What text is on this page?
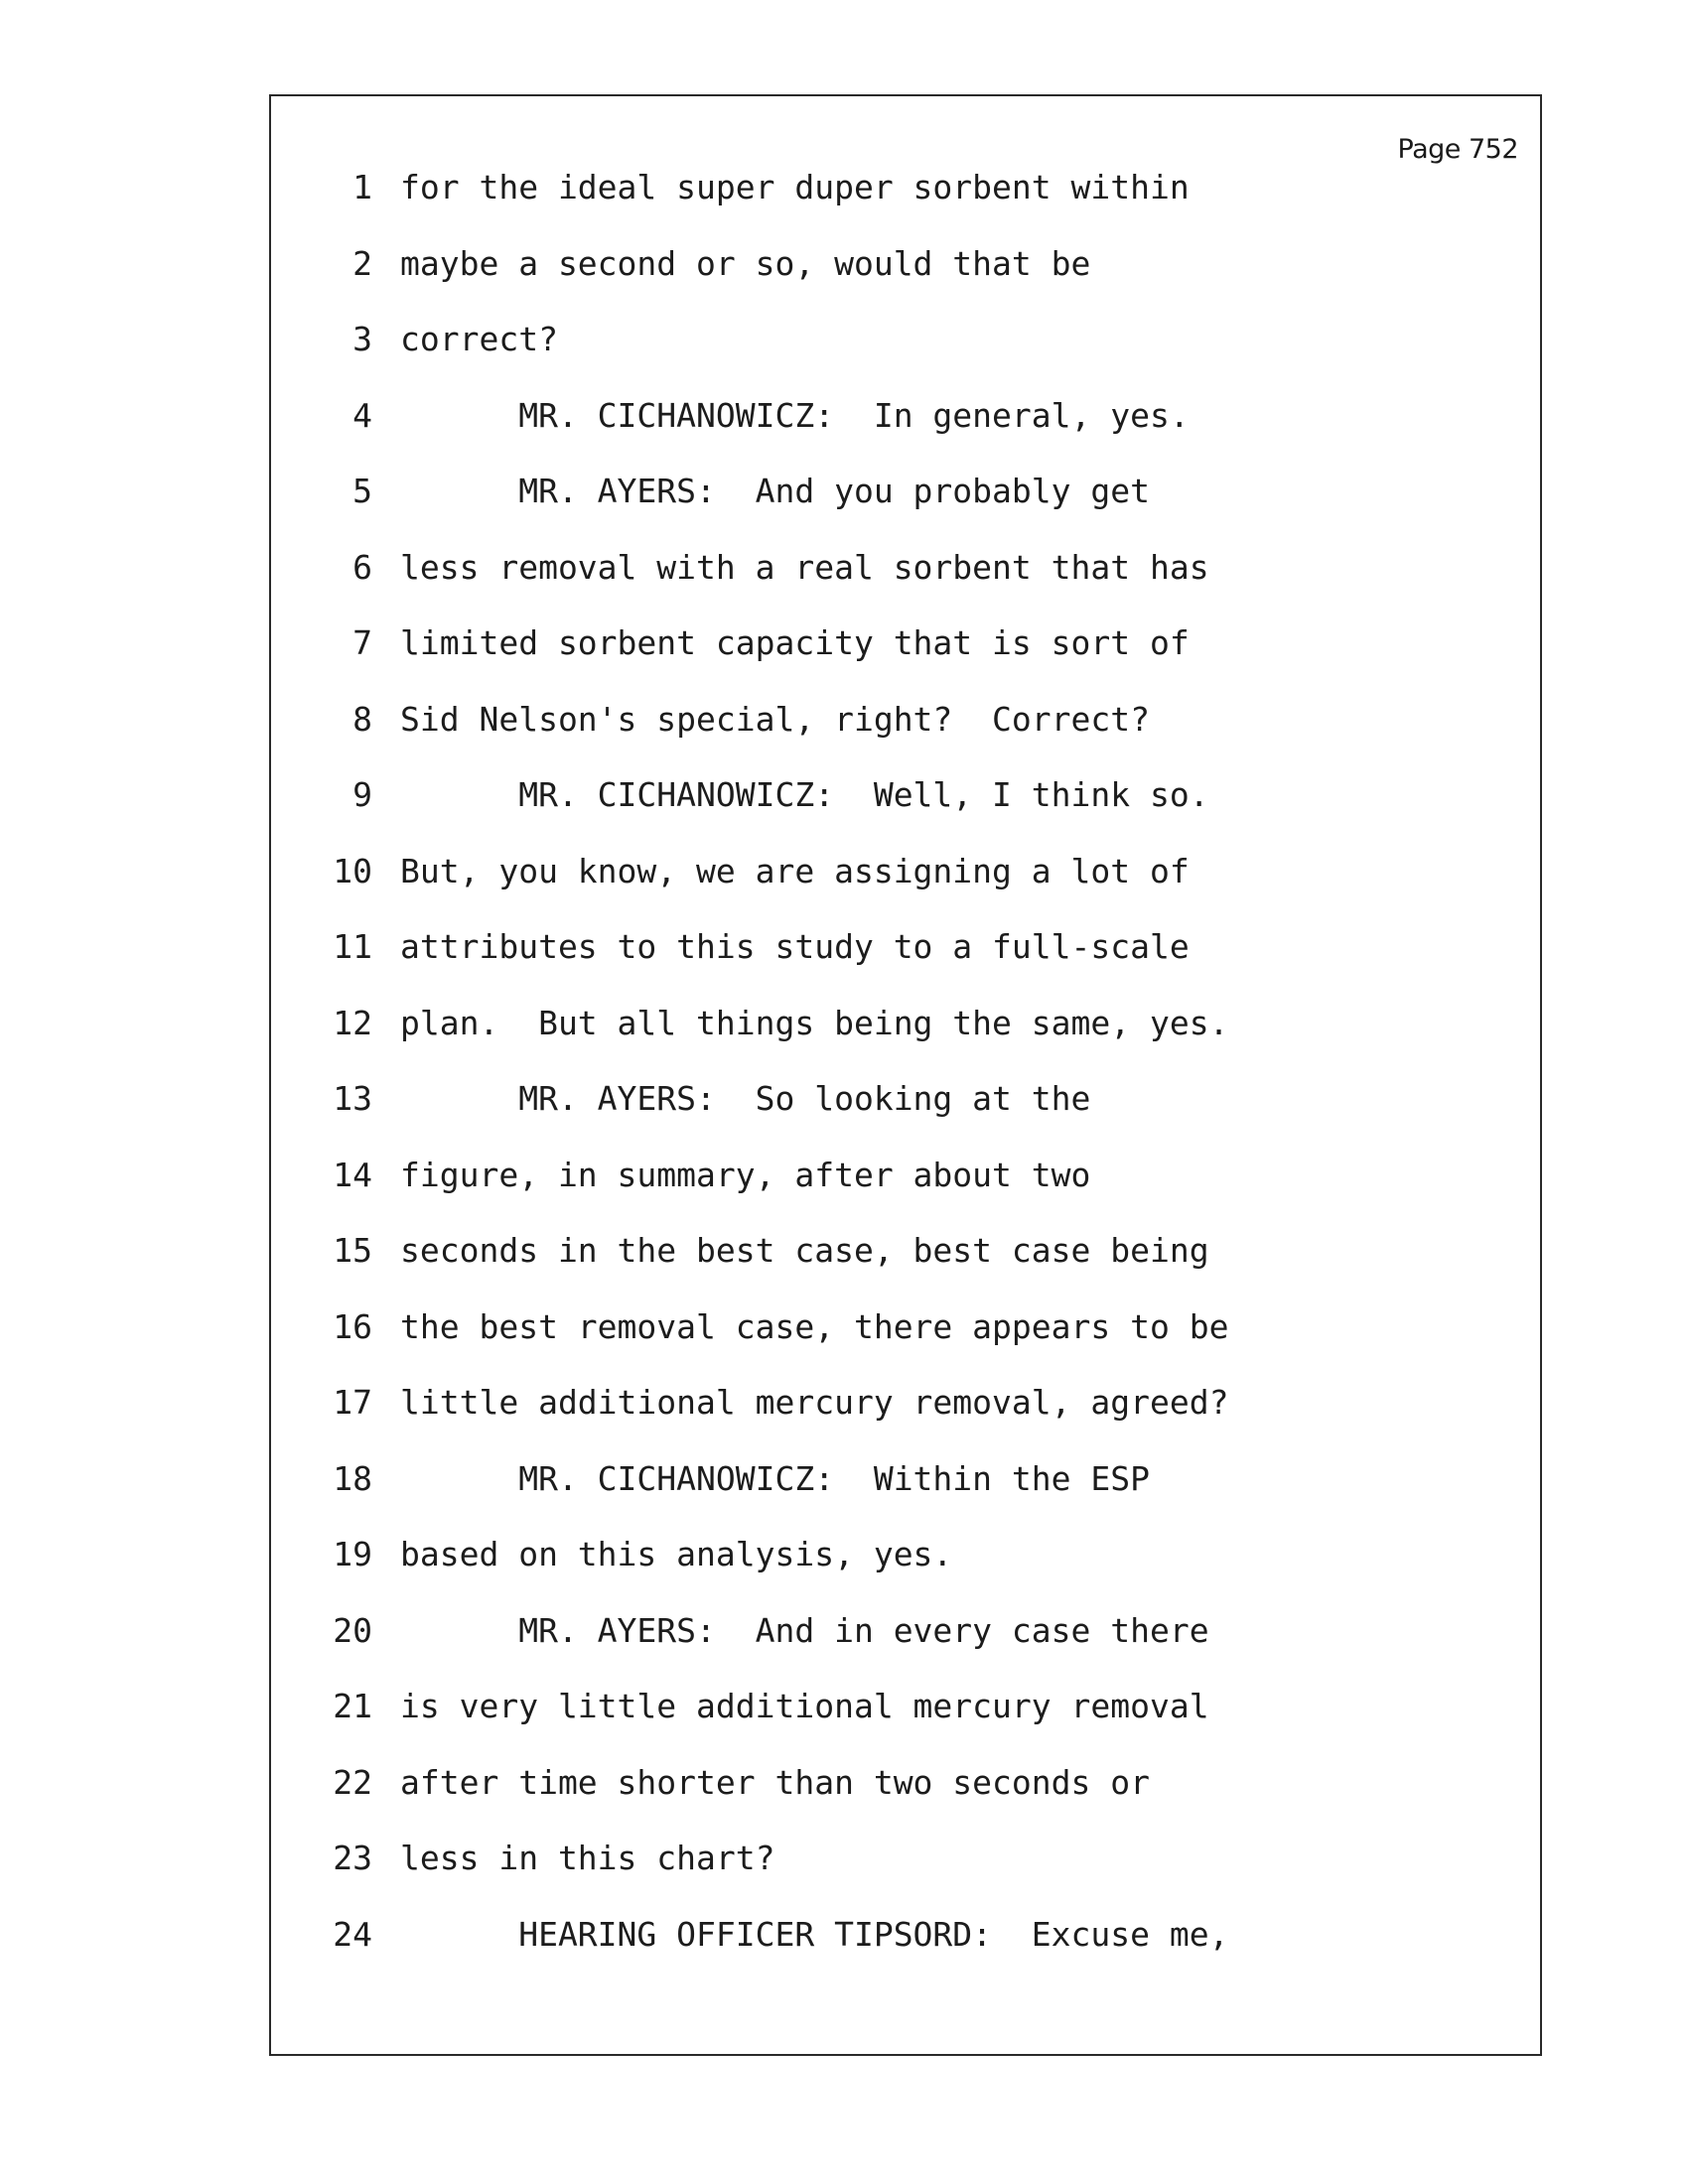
Page 752
1 for the ideal super duper sorbent within
2 maybe a second or so, would that be
3 correct?
4 MR. CICHANOWICZ:  In general, yes.
5 MR. AYERS:  And you probably get
6 less removal with a real sorbent that has
7 limited sorbent capacity that is sort of
8 Sid Nelson's special, right?  Correct?
9 MR. CICHANOWICZ:  Well, I think so.
10 But, you know, we are assigning a lot of
11 attributes to this study to a full-scale
12 plan.  But all things being the same, yes.
13 MR. AYERS:  So looking at the
14 figure, in summary, after about two
15 seconds in the best case, best case being
16 the best removal case, there appears to be
17 little additional mercury removal, agreed?
18 MR. CICHANOWICZ:  Within the ESP
19 based on this analysis, yes.
20 MR. AYERS:  And in every case there
21 is very little additional mercury removal
22 after time shorter than two seconds or
23 less in this chart?
24 HEARING OFFICER TIPSORD:  Excuse me,
